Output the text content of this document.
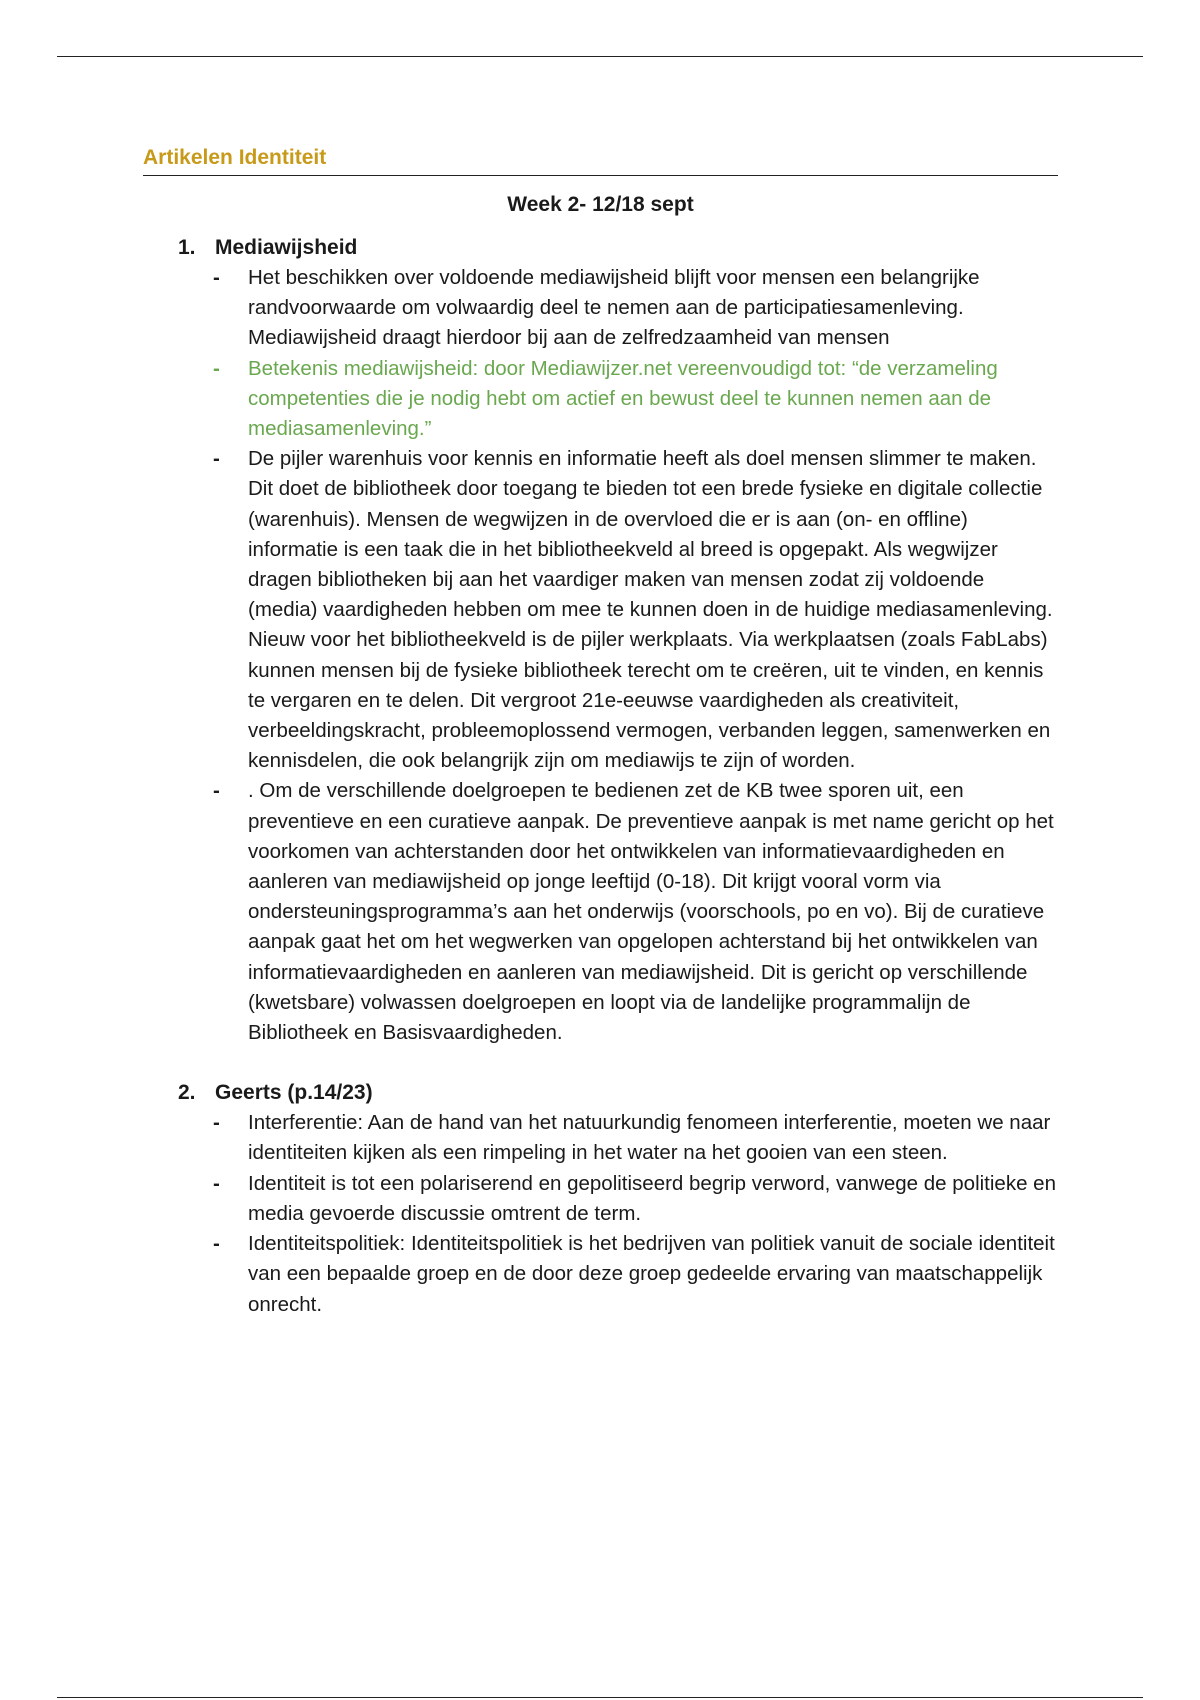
Artikelen Identiteit
Week 2- 12/18 sept
1. Mediawijsheid
-	Het beschikken over voldoende mediawijsheid blijft voor mensen een belangrijke randvoorwaarde om volwaardig deel te nemen aan de participatiesamenleving. Mediawijsheid draagt hierdoor bij aan de zelfredzaamheid van mensen
-	Betekenis mediawijsheid: door Mediawijzer.net vereenvoudigd tot: “de verzameling competenties die je nodig hebt om actief en bewust deel te kunnen nemen aan de mediasamenleving.”
-	De pijler warenhuis voor kennis en informatie heeft als doel mensen slimmer te maken. Dit doet de bibliotheek door toegang te bieden tot een brede fysieke en digitale collectie (warenhuis). Mensen de wegwijzen in de overvloed die er is aan (on- en offline) informatie is een taak die in het bibliotheekveld al breed is opgepakt. Als wegwijzer dragen bibliotheken bij aan het vaardiger maken van mensen zodat zij voldoende (media) vaardigheden hebben om mee te kunnen doen in de huidige mediasamenleving. Nieuw voor het bibliotheekveld is de pijler werkplaats. Via werkplaatsen (zoals FabLabs) kunnen mensen bij de fysieke bibliotheek terecht om te creëren, uit te vinden, en kennis te vergaren en te delen. Dit vergroot 21e-eeuwse vaardigheden als creativiteit, verbeeldingskracht, probleemoplossend vermogen, verbanden leggen, samenwerken en kennisdelen, die ook belangrijk zijn om mediawijs te zijn of worden.
-	. Om de verschillende doelgroepen te bedienen zet de KB twee sporen uit, een preventieve en een curatieve aanpak. De preventieve aanpak is met name gericht op het voorkomen van achterstanden door het ontwikkelen van informatievaardigheden en aanleren van mediawijsheid op jonge leeftijd (0-18). Dit krijgt vooral vorm via ondersteuningsprogramma’s aan het onderwijs (voorschools, po en vo). Bij de curatieve aanpak gaat het om het wegwerken van opgelopen achterstand bij het ontwikkelen van informatievaardigheden en aanleren van mediawijsheid. Dit is gericht op verschillende (kwetsbare) volwassen doelgroepen en loopt via de landelijke programmalijn de Bibliotheek en Basisvaardigheden.
2. Geerts (p.14/23)
-	Interferentie: Aan de hand van het natuurkundig fenomeen interferentie, moeten we naar identiteiten kijken als een rimpeling in het water na het gooien van een steen.
-	Identiteit is tot een polariserend en gepolitiseerd begrip verword, vanwege de politieke en media gevoerde discussie omtrent de term.
-	Identiteitspolitiek: Identiteitspolitiek is het bedrijven van politiek vanuit de sociale identiteit van een bepaalde groep en de door deze groep gedeelde ervaring van maatschappelijk onrecht.
